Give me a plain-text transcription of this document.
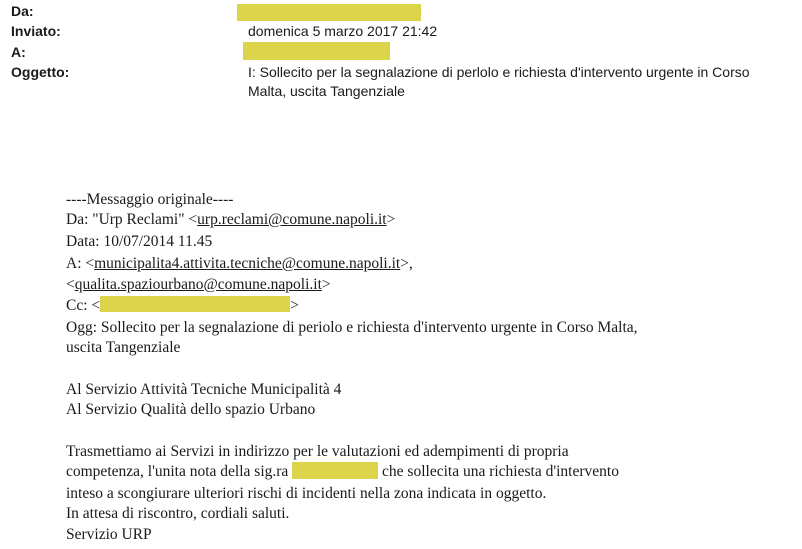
Da:
Inviato:	domenica 5 marzo 2017 21:42
A:
Oggetto:	I: Sollecito per la segnalazione di perlolo e richiesta d'intervento urgente in Corso
Malta, uscita Tangenziale
----Messaggio originale----
Da: "Urp Reclami" <urp.reclami@comune.napoli.it>
Data: 10/07/2014 11.45
A: <municipalita4.attivita.tecniche@comune.napoli.it>,
<qualita.spaziourbano@comune.napoli.it>
Cc: <	>
Ogg: Sollecito per la segnalazione di periolo e richiesta d'intervento urgente in Corso Malta,
uscita Tangenziale
Al Servizio Attività Tecniche Municipalità 4
Al Servizio Qualità dello spazio Urbano
Trasmettiamo ai Servizi in indirizzo per le valutazioni ed adempimenti di propria
competenza, l'unita nota della sig.ra	che sollecita una richiesta d'intervento
inteso a scongiurare ulteriori rischi di incidenti nella zona indicata in oggetto.
In attesa di riscontro, cordiali saluti.
Servizio URP
